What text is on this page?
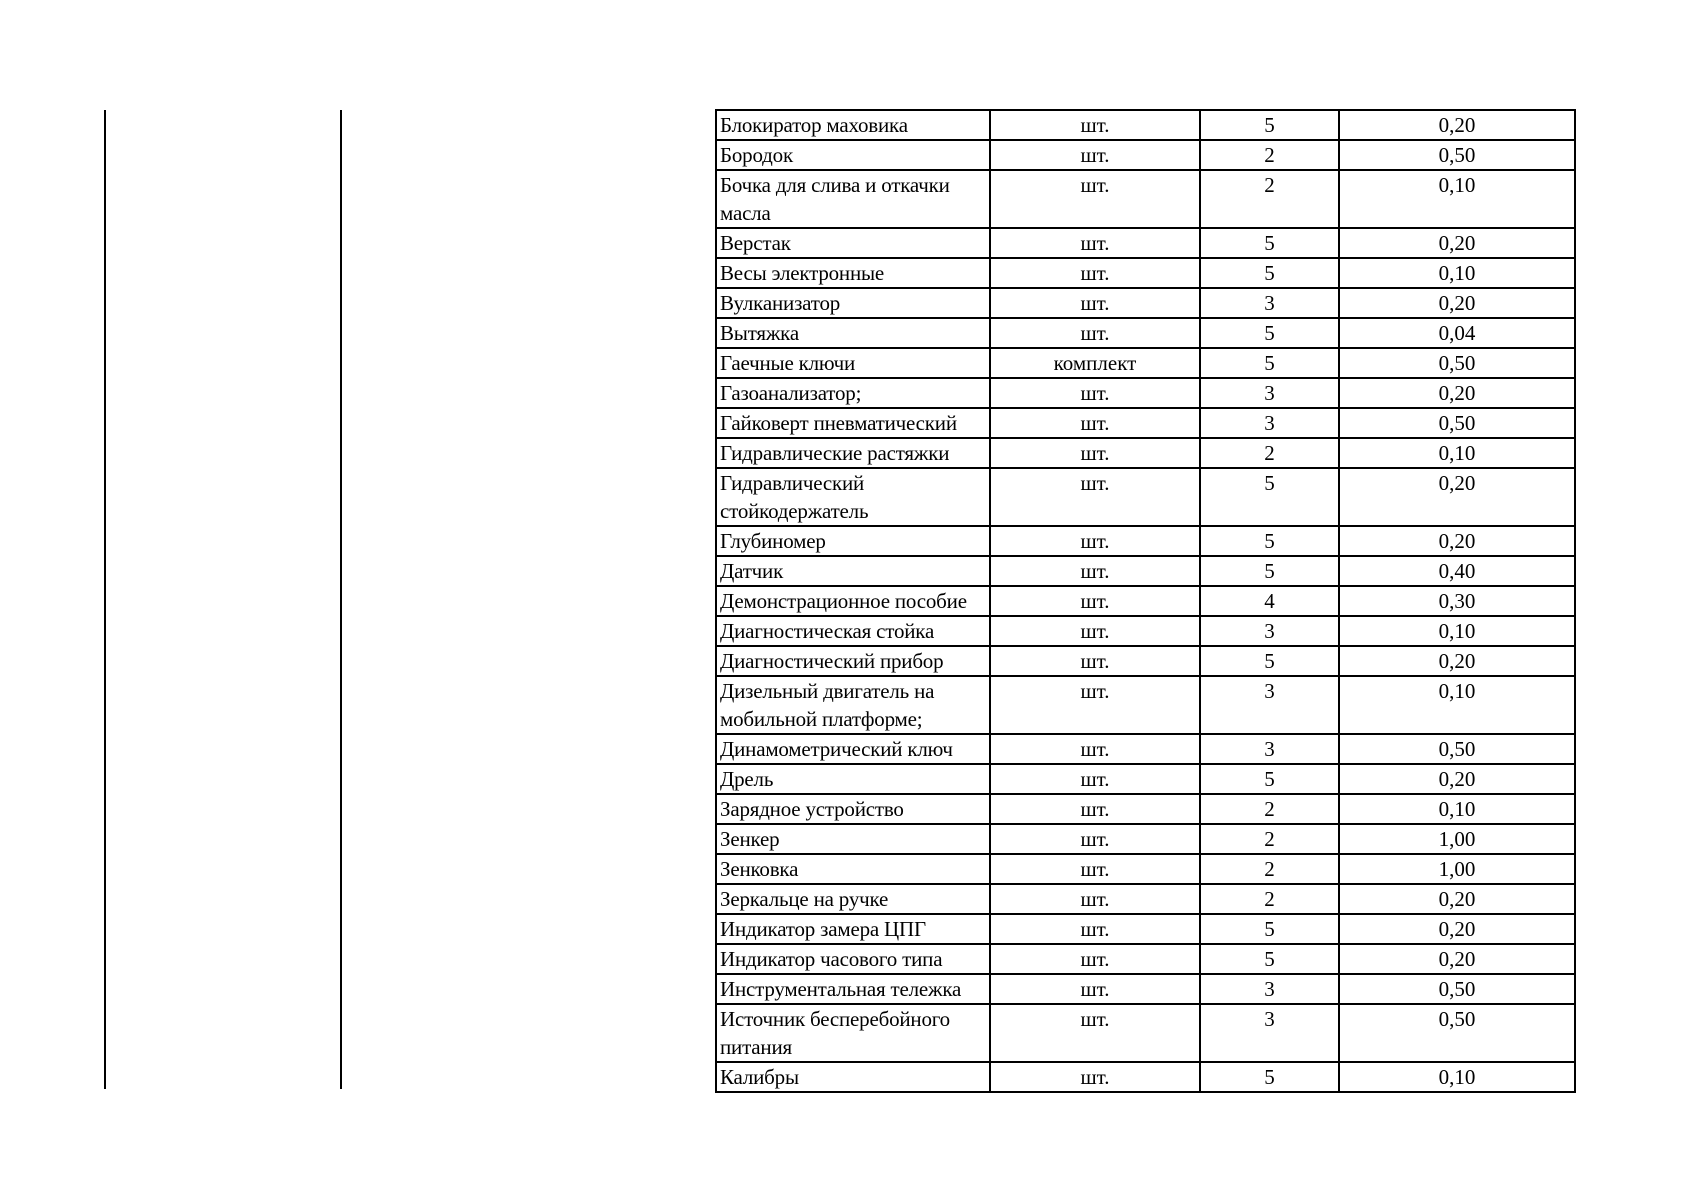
Блокиратор маховика	шт.	5	0,20
Бородок	шт.	2	0,50
Бочка для слива и откачки масла	шт.	2	0,10
Верстак	шт.	5	0,20
Весы электронные	шт.	5	0,10
Вулканизатор	шт.	3	0,20
Вытяжка	шт.	5	0,04
Гаечные ключи	комплект	5	0,50
Газоанализатор;	шт.	3	0,20
Гайковерт пневматический	шт.	3	0,50
Гидравлические растяжки	шт.	2	0,10
Гидравлический стойкодержатель	шт.	5	0,20
Глубиномер	шт.	5	0,20
Датчик	шт.	5	0,40
Демонстрационное пособие	шт.	4	0,30
Диагностическая стойка	шт.	3	0,10
Диагностический прибор	шт.	5	0,20
Дизельный двигатель на мобильной платформе;	шт.	3	0,10
Динамометрический ключ	шт.	3	0,50
Дрель	шт.	5	0,20
Зарядное устройство	шт.	2	0,10
Зенкер	шт.	2	1,00
Зенковка	шт.	2	1,00
Зеркальце на ручке	шт.	2	0,20
Индикатор замера ЦПГ	шт.	5	0,20
Индикатор часового типа	шт.	5	0,20
Инструментальная тележка	шт.	3	0,50
Источник бесперебойного питания	шт.	3	0,50
Калибры	шт.	5	0,10
